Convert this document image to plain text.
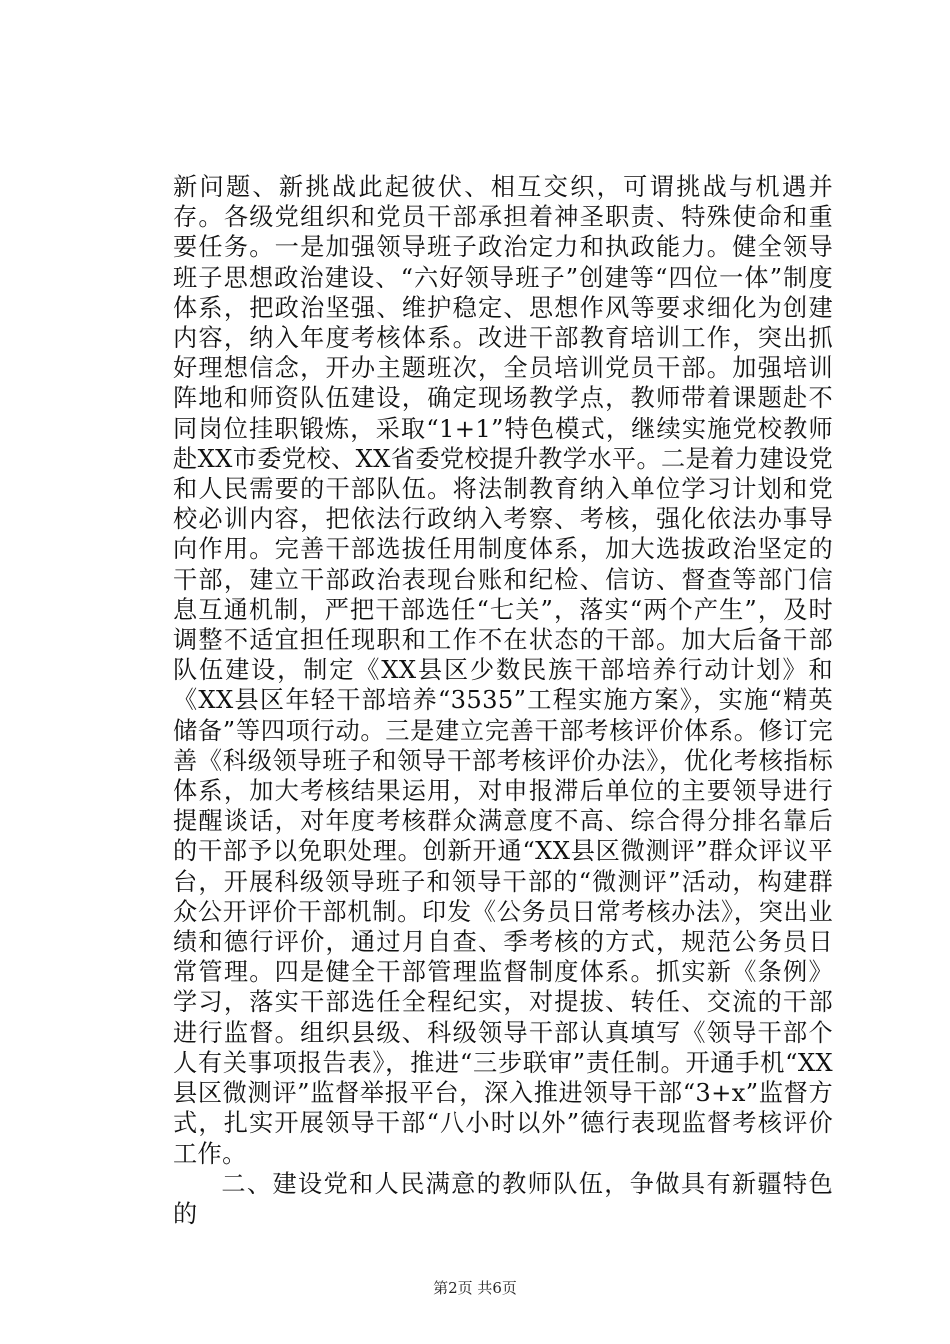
新问题、新挑战此起彼伏、相互交织，可谓挑战与机遇并存。各级党组织和党员干部承担着神圣职责、特殊使命和重要任务。一是加强领导班子政治定力和执政能力。健全领导班子思想政治建设、“六好领导班子”创建等“四位一体”制度体系，把政治坚强、维护稳定、思想作风等要求细化为创建内容，纳入年度考核体系。改进干部教育培训工作，突出抓好理想信念，开办主题班次，全员培训党员干部。加强培训阵地和师资队伍建设，确定现场教学点，教师带着课题赴不同岗位挂职锻炼，采取“1+1”特色模式，继续实施党校教师赴XX市委党校、XX省委党校提升教学水平。二是着力建设党和人民需要的干部队伍。将法制教育纳入单位学习计划和党校必训内容，把依法行政纳入考察、考核，强化依法办事导向作用。完善干部选拔任用制度体系，加大选拔政治坚定的干部，建立干部政治表现台账和纪检、信访、督查等部门信息互通机制，严把干部选任“七关”，落实“两个产生”，及时调整不适宜担任现职和工作不在状态的干部。加大后备干部队伍建设，制定《XX县区少数民族干部培养行动计划》和《XX县区年轻干部培养“3535”工程实施方案》，实施“精英储备”等四项行动。三是建立完善干部考核评价体系。修订完善《科级领导班子和领导干部考核评价办法》，优化考核指标体系，加大考核结果运用，对申报滞后单位的主要领导进行提醒谈话，对年度考核群众满意度不高、综合得分排名靠后的干部予以免职处理。创新开通“XX县区微测评”群众评议平台，开展科级领导班子和领导干部的“微测评”活动，构建群众公开评价干部机制。印发《公务员日常考核办法》，突出业绩和德行评价，通过月自查、季考核的方式，规范公务员日常管理。四是健全干部管理监督制度体系。抓实新《条例》学习，落实干部选任全程纪实，对提拔、转任、交流的干部进行监督。组织县级、科级领导干部认真填写《领导干部个人有关事项报告表》，推进“三步联审”责任制。开通手机“XX县区微测评”监督举报平台，深入推进领导干部“3+x”监督方式，扎实开展领导干部“八小时以外”德行表现监督考核评价工作。

二、建设党和人民满意的教师队伍，争做具有新疆特色的

第2页 共6页
